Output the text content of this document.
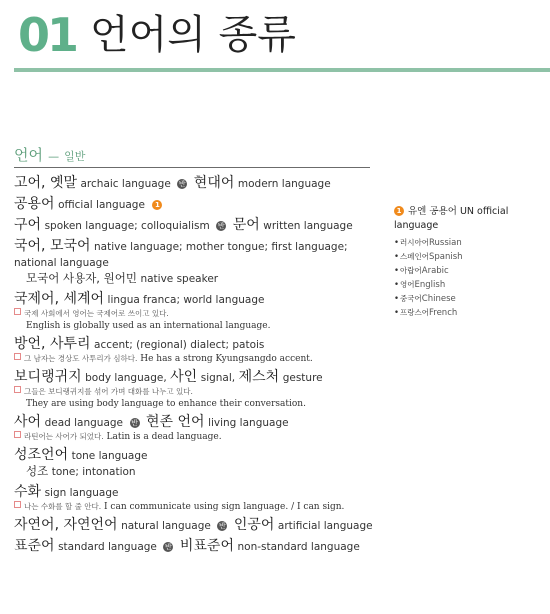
01 언어의 종류
언어 — 일반
고어, 옛말 archaic language 반 현대어 modern language
공용어 official language 1
구어 spoken language; colloquialism 반 문어 written language
국어, 모국어 native language; mother tongue; first language; national language
모국어 사용자, 원어민 native speaker
국제어, 세계어 lingua franca; world language
국제 사회에서 영어는 국제어로 쓰이고 있다.
English is globally used as an international language.
방언, 사투리 accent; (regional) dialect; patois
그 남자는 경상도 사투리가 심하다. He has a strong Kyungsangdo accent.
보디랭귀지 body language, 사인 signal, 제스처 gesture
그들은 보디랭귀지를 섞어 가며 대화를 나누고 있다.
They are using body language to enhance their conversation.
사어 dead language 반 현존 언어 living language
라틴어는 사어가 되었다. Latin is a dead language.
성조언어 tone language
성조 tone; intonation
수화 sign language
나는 수화를 할 줄 안다. I can communicate using sign language. / I can sign.
자연어, 자연언어 natural language 반 인공어 artificial language
표준어 standard language 반 비표준어 non-standard language
1 유엔 공용어 UN official language
•러시아어Russian
•스페인어Spanish
•아랍어Arabic
•영어English
•중국어Chinese
•프랑스어French
